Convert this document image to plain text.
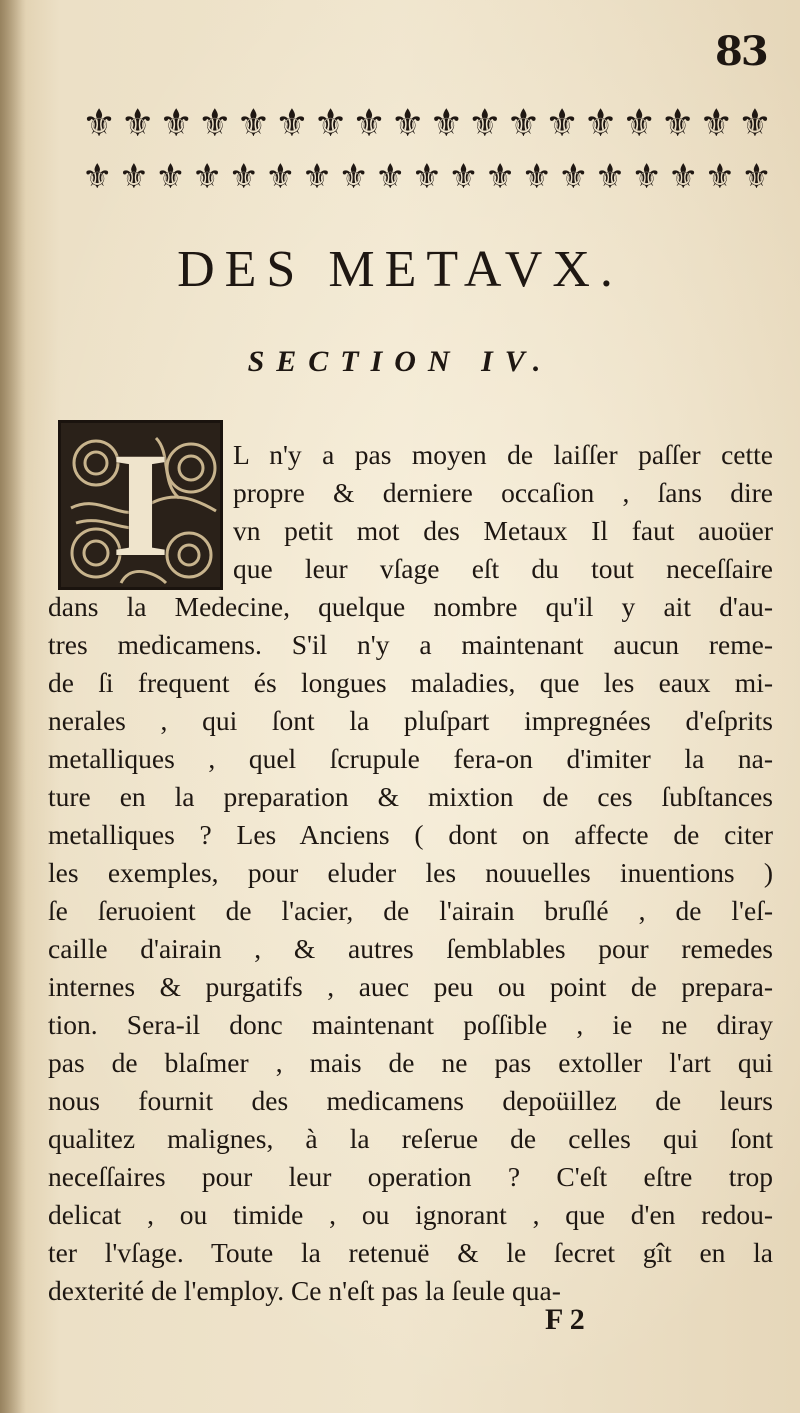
83
⚜ ⚜ ⚜ ⚜ ⚜ ⚜ ⚜ ⚜ ⚜ ⚜ ⚜ ⚜ ⚜ ⚜ ⚜ ⚜ ⚜ ⚜
⚜ ⚜ ⚜ ⚜ ⚜ ⚜ ⚜ ⚜ ⚜ ⚜ ⚜ ⚜ ⚜ ⚜ ⚜ ⚜ ⚜ ⚜ ⚜
DES METAVX.
SECTION IV.
I L n'y a pas moyen de laiſſer paſſer cette
propre & derniere occaſion , ſans dire
vn petit mot des Metaux Il faut auoüer
que leur vſage eſt du tout neceſſaire
dans la Medecine, quelque nombre qu'il y ait d'au-
tres medicamens. S'il n'y a maintenant aucun reme-
de ſi frequent és longues maladies, que les eaux mi-
nerales , qui ſont la pluſpart impregnées d'eſprits
metalliques , quel ſcrupule fera-on d'imiter la na-
ture en la preparation & mixtion de ces ſubſtances
metalliques ? Les Anciens ( dont on affecte de citer
les exemples, pour eluder les nouuelles inuentions )
ſe ſeruoient de l'acier, de l'airain bruſlé , de l'eſ-
caille d'airain , & autres ſemblables pour remedes
internes & purgatifs , auec peu ou point de prepara-
tion. Sera-il donc maintenant poſſible , ie ne diray
pas de blaſmer , mais de ne pas extoller l'art qui
nous fournit des medicamens depoüillez de leurs
qualitez malignes, à la reſerue de celles qui ſont
neceſſaires pour leur operation ? C'eſt eſtre trop
delicat , ou timide , ou ignorant , que d'en redou-
ter l'vſage. Toute la retenuë & le ſecret gît en la
dexterité de l'employ. Ce n'eſt pas la ſeule qua-
F 2
